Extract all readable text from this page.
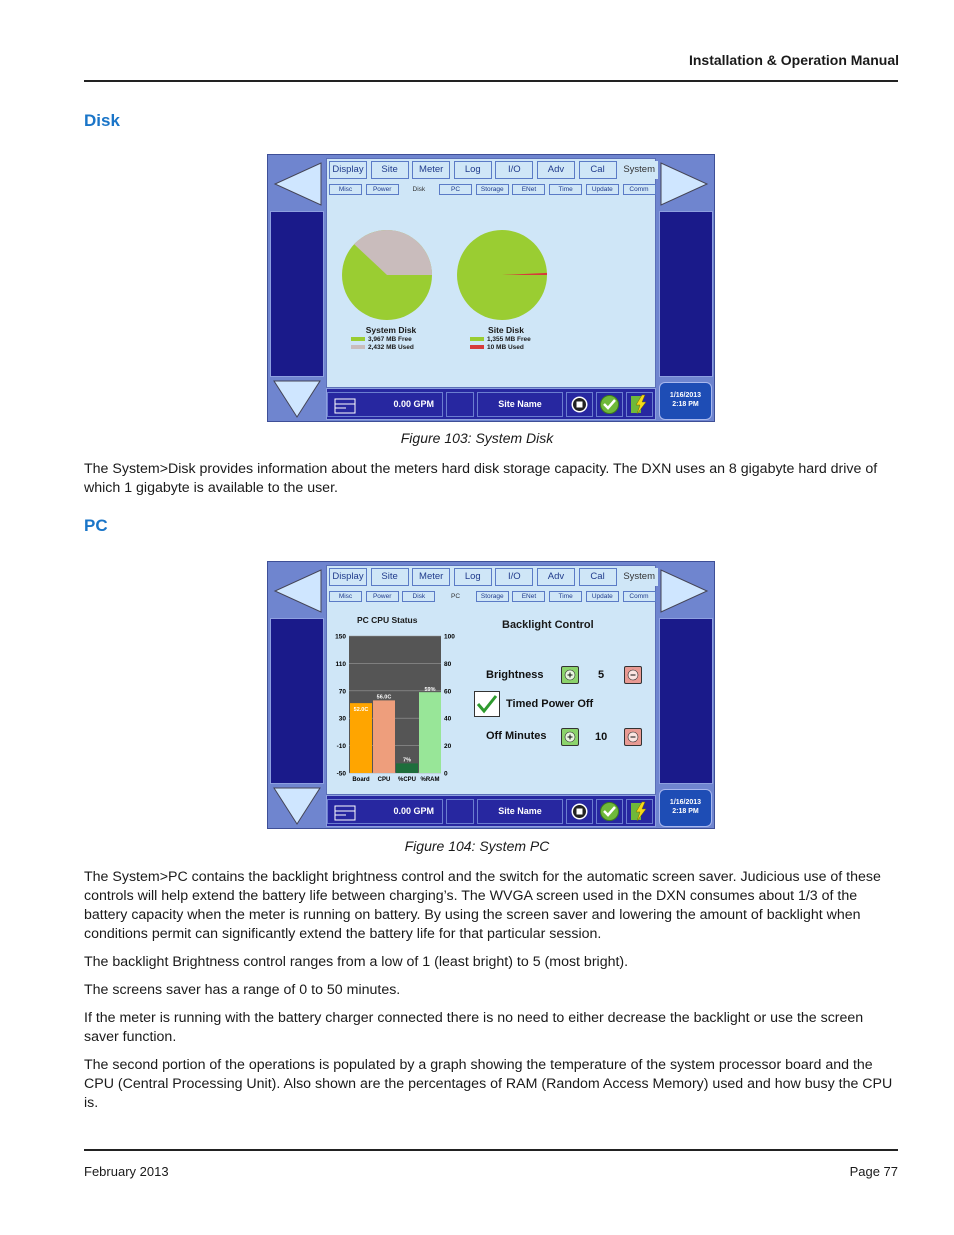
Installation & Operation Manual
Disk
Display	Site	Meter	Log	I/O	Adv	Cal	System
Misc	Power	Disk	PC	Storage	ENet	Time	Update	Comm
System Disk
3,967 MB Free
2,432 MB Used
Site Disk
1,355 MB Free
10 MB Used
0.00 GPM	Site Name
1/16/2013
2:18 PM
Figure 103: System Disk

The System>Disk provides information about the meters hard disk storage capacity. The DXN uses an 8 gigabyte hard drive of which 1 gigabyte is available to the user.

PC
Display	Site	Meter	Log	I/O	Adv	Cal	System
Misc	Power	Disk	PC	Storage	ENet	Time	Update	Comm
PC CPU Status
150
110
70
30
-10
-50
100
80
60
40
20
0
52.0C
Board
56.0C
CPU
7%
%CPU
59%
%RAM
Backlight Control
Brightness	5
Timed Power Off
Off Minutes	10
0.00 GPM	Site Name
1/16/2013
2:18 PM
Figure 104: System PC

The System>PC contains the backlight brightness control and the switch for the automatic screen saver. Judicious use of these controls will help extend the battery life between charging’s. The WVGA screen used in the DXN consumes about 1/3 of the battery capacity when the meter is running on battery. By using the screen saver and lowering the amount of backlight when conditions permit can significantly extend the battery life for that particular session.

The backlight Brightness control ranges from a low of 1 (least bright) to 5 (most bright).

The screens saver has a range of 0 to 50 minutes.

If the meter is running with the battery charger connected there is no need to either decrease the backlight or use the screen saver function.

The second portion of the operations is populated by a graph showing the temperature of the system processor board and the CPU (Central Processing Unit). Also shown are the percentages of RAM (Random Access Memory) used and how busy the CPU is.

February 2013	Page 77
